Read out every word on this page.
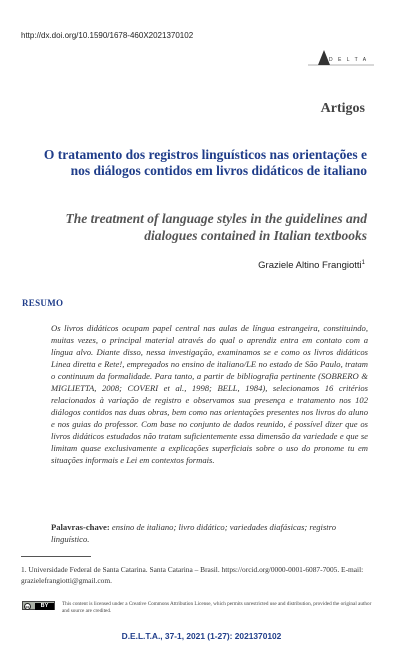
http://dx.doi.org/10.1590/1678-460X2021370102
D E L T A
Artigos
O tratamento dos registros linguísticos nas orientações e nos diálogos contidos em livros didáticos de italiano
The treatment of language styles in the guidelines and dialogues contained in Italian textbooks
Graziele Altino Frangiotti$^1$
RESUMO
Os livros didáticos ocupam papel central nas aulas de língua estrangeira, constituindo, muitas vezes, o principal material através do qual o aprendiz entra em contato com a língua alvo. Diante disso, nessa investigação, examinamos se e como os livros didáticos Linea diretta e Rete!, empregados no ensino de italiano/LE no estado de São Paulo, tratam o continuum da formalidade. Para tanto, a partir de bibliografia pertinente (SOBRERO & MIGLIETTA, 2008; COVERI et al., 1998; BELL, 1984), selecionamos 16 critérios relacionados à variação de registro e observamos sua presença e tratamento nos 102 diálogos contidos nas duas obras, bem como nas orientações presentes nos livros do aluno e nos guias do professor. Com base no conjunto de dados reunido, é possível dizer que os livros didáticos estudados não tratam suficientemente essa dimensão da variedade e que se limitam quase exclusivamente a explicações superficiais sobre o uso do pronome tu em situações informais e Lei em contextos formais.
Palavras-chave: ensino de italiano; livro didático; variedades diafásicas; registro linguístico.
1. Universidade Federal de Santa Catarina. Santa Catarina – Brasil. https://orcid.org/0000-0001-6087-7005. E-mail: grazielefrangiotti@gmail.com.
cc	BY	This content is licensed under a Creative Commons Attribution License, which permits unrestricted use and distribution, provided the original author and source are credited.
D.E.L.T.A., 37-1, 2021 (1-27): 2021370102
